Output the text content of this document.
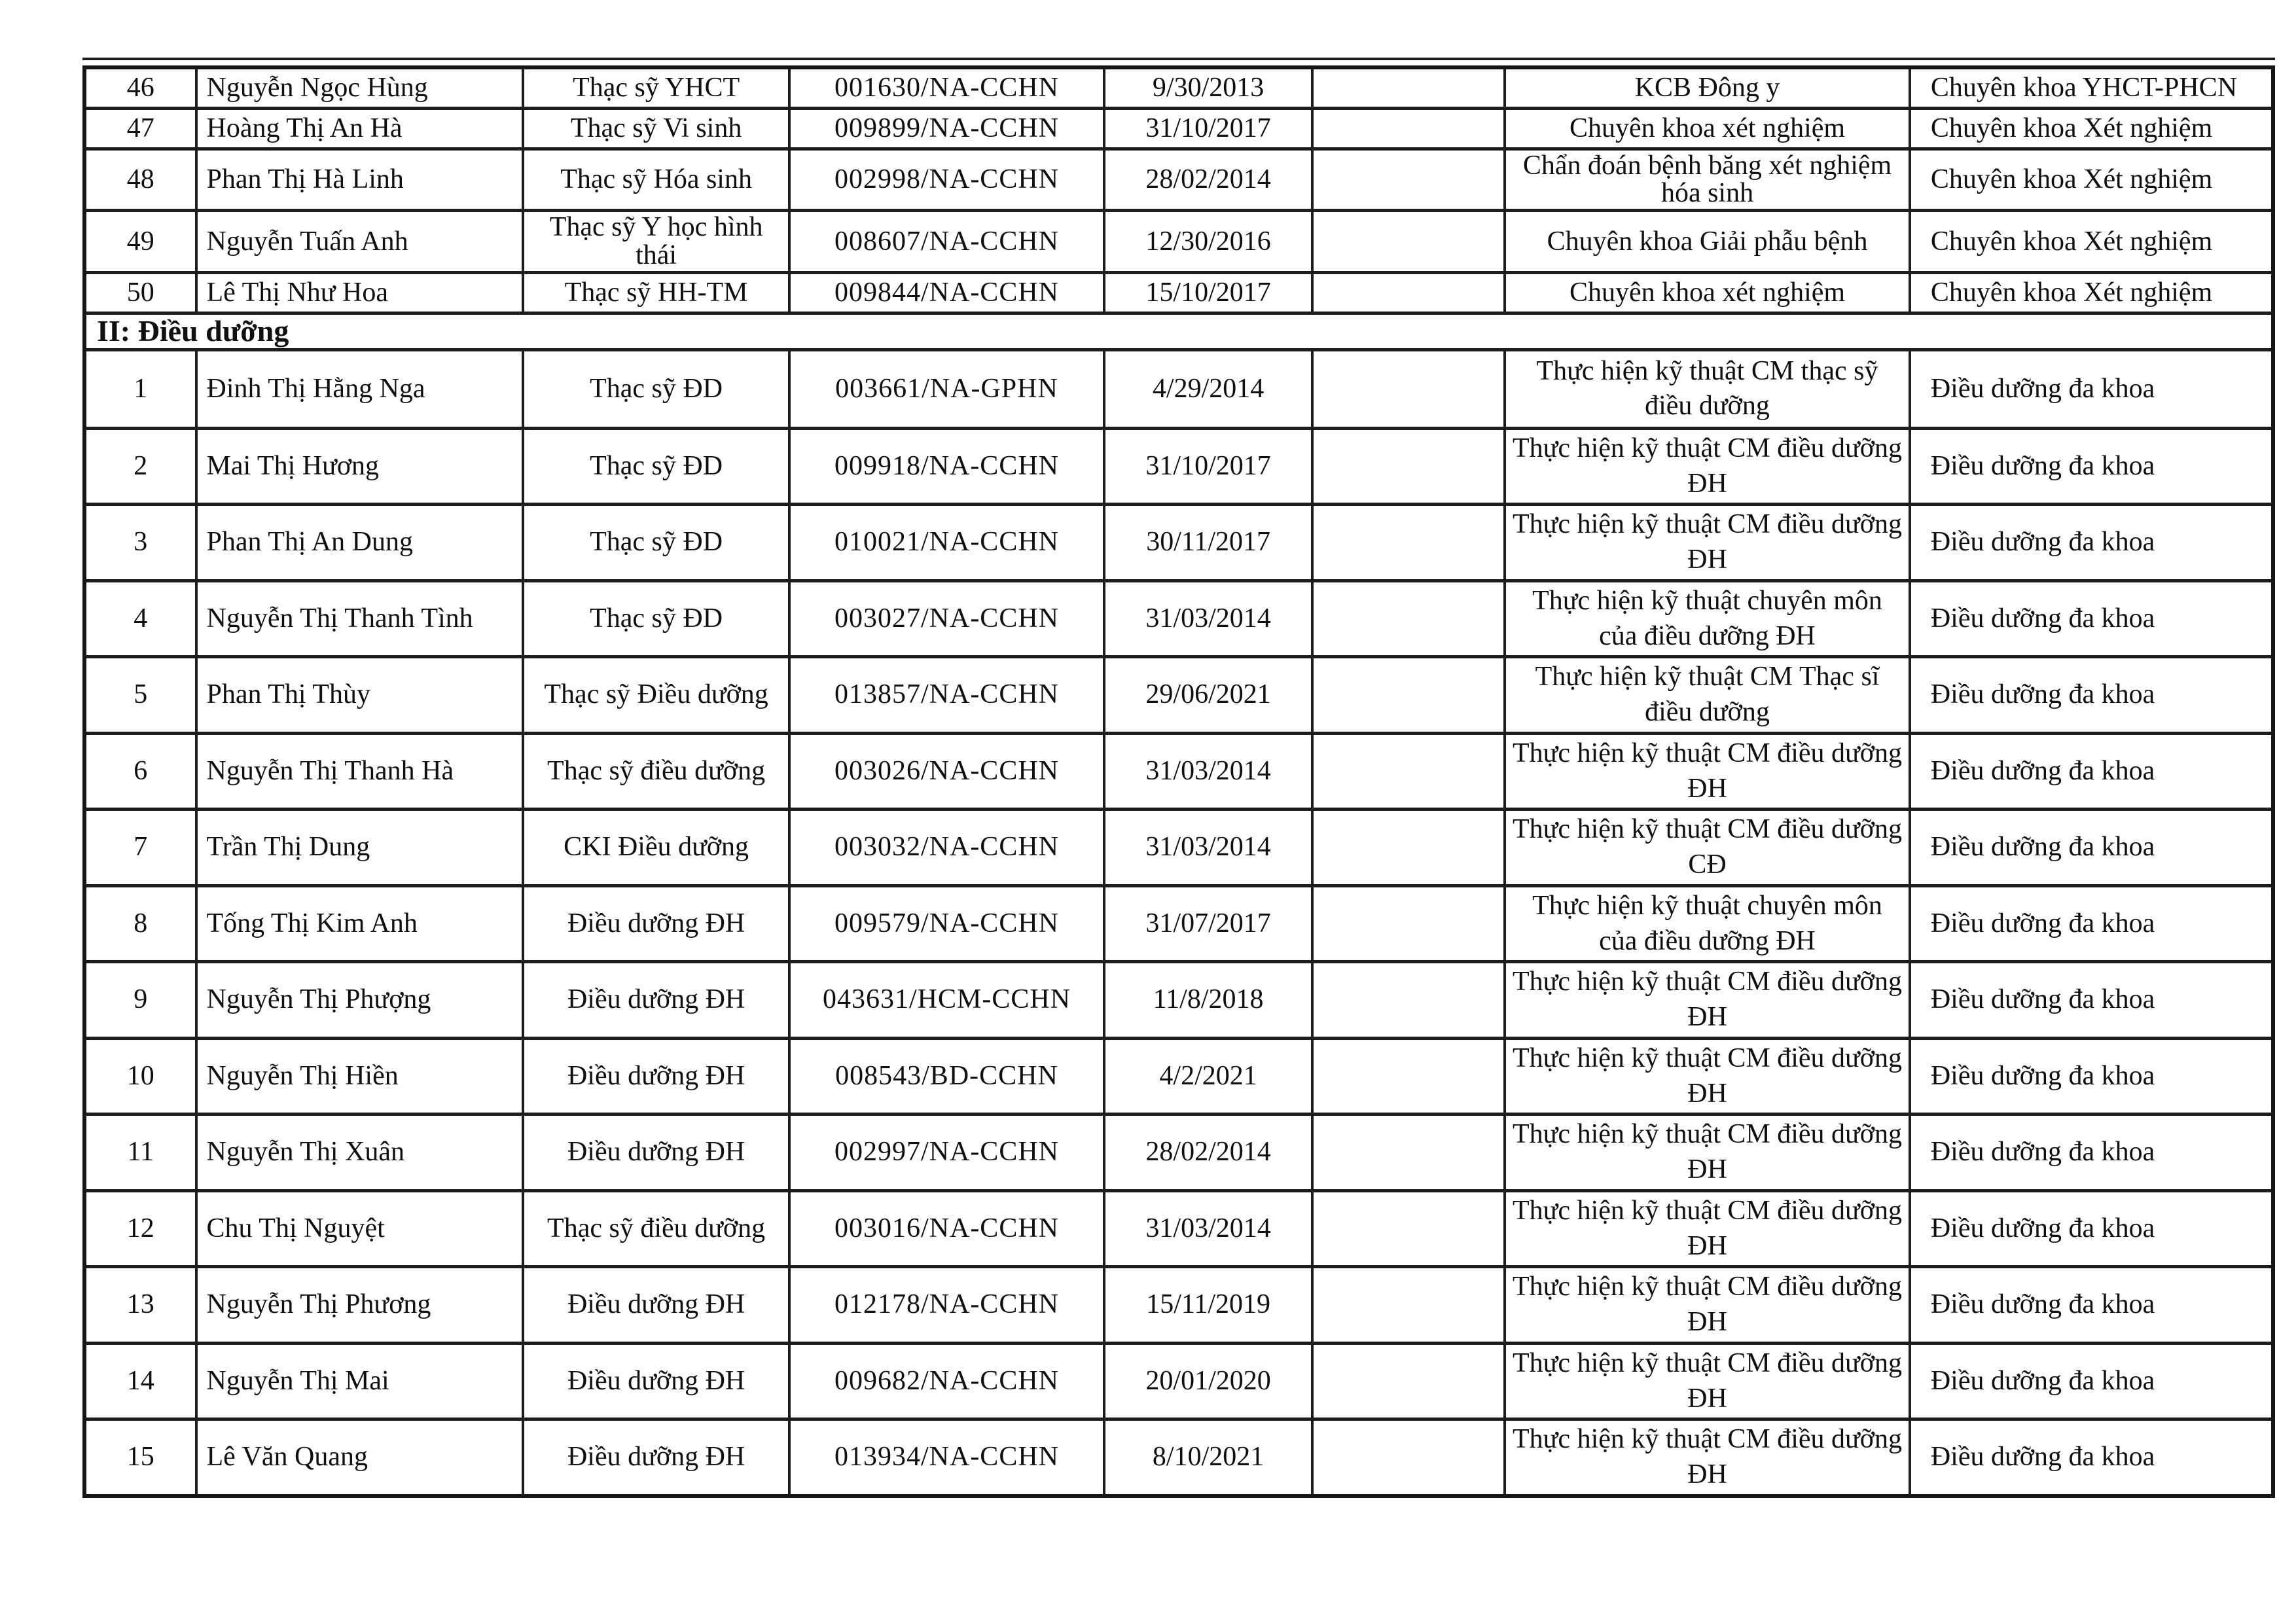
46	Nguyễn Ngọc Hùng	Thạc sỹ YHCT	001630/NA-CCHN	9/30/2013		KCB Đông y	Chuyên khoa YHCT-PHCN
47	Hoàng Thị An Hà	Thạc sỹ Vi sinh	009899/NA-CCHN	31/10/2017		Chuyên khoa xét nghiệm	Chuyên khoa Xét nghiệm
48	Phan Thị Hà Linh	Thạc sỹ Hóa sinh	002998/NA-CCHN	28/02/2014		Chẩn đoán bệnh băng xét nghiệm hóa sinh	Chuyên khoa Xét nghiệm
49	Nguyễn Tuấn Anh	Thạc sỹ Y học hình thái	008607/NA-CCHN	12/30/2016		Chuyên khoa Giải phẫu bệnh	Chuyên khoa Xét nghiệm
50	Lê Thị Như Hoa	Thạc sỹ HH-TM	009844/NA-CCHN	15/10/2017		Chuyên khoa xét nghiệm	Chuyên khoa Xét nghiệm
II: Điều dưỡng							
1	Đinh Thị Hằng Nga	Thạc sỹ ĐD	003661/NA-GPHN	4/29/2014		Thực hiện kỹ thuật CM thạc sỹ điều dưỡng	Điều dưỡng đa khoa
2	Mai Thị Hương	Thạc sỹ ĐD	009918/NA-CCHN	31/10/2017		Thực hiện kỹ thuật CM điều dưỡng ĐH	Điều dưỡng đa khoa
3	Phan Thị An Dung	Thạc sỹ ĐD	010021/NA-CCHN	30/11/2017		Thực hiện kỹ thuật CM điều dưỡng ĐH	Điều dưỡng đa khoa
4	Nguyễn Thị Thanh Tình	Thạc sỹ ĐD	003027/NA-CCHN	31/03/2014		Thực hiện kỹ thuật chuyên môn của điều dưỡng ĐH	Điều dưỡng đa khoa
5	Phan Thị Thùy	Thạc sỹ Điều dưỡng	013857/NA-CCHN	29/06/2021		Thực hiện kỹ thuật CM Thạc sĩ điều dưỡng	Điều dưỡng đa khoa
6	Nguyễn Thị Thanh Hà	Thạc sỹ điều dưỡng	003026/NA-CCHN	31/03/2014		Thực hiện kỹ thuật CM điều dưỡng ĐH	Điều dưỡng đa khoa
7	Trần Thị Dung	CKI Điều dưỡng	003032/NA-CCHN	31/03/2014		Thực hiện kỹ thuật CM điều dưỡng CĐ	Điều dưỡng đa khoa
8	Tống Thị Kim Anh	Điều dưỡng ĐH	009579/NA-CCHN	31/07/2017		Thực hiện kỹ thuật chuyên môn của điều dưỡng ĐH	Điều dưỡng đa khoa
9	Nguyễn Thị Phượng	Điều dưỡng ĐH	043631/HCM-CCHN	11/8/2018		Thực hiện kỹ thuật CM điều dưỡng ĐH	Điều dưỡng đa khoa
10	Nguyễn Thị Hiền	Điều dưỡng ĐH	008543/BD-CCHN	4/2/2021		Thực hiện kỹ thuật CM điều dưỡng ĐH	Điều dưỡng đa khoa
11	Nguyễn Thị Xuân	Điều dưỡng ĐH	002997/NA-CCHN	28/02/2014		Thực hiện kỹ thuật CM điều dưỡng ĐH	Điều dưỡng đa khoa
12	Chu Thị Nguyệt	Thạc sỹ điều dưỡng	003016/NA-CCHN	31/03/2014		Thực hiện kỹ thuật CM điều dưỡng ĐH	Điều dưỡng đa khoa
13	Nguyễn Thị Phương	Điều dưỡng ĐH	012178/NA-CCHN	15/11/2019		Thực hiện kỹ thuật CM điều dưỡng ĐH	Điều dưỡng đa khoa
14	Nguyễn Thị Mai	Điều dưỡng ĐH	009682/NA-CCHN	20/01/2020		Thực hiện kỹ thuật CM điều dưỡng ĐH	Điều dưỡng đa khoa
15	Lê Văn Quang	Điều dưỡng ĐH	013934/NA-CCHN	8/10/2021		Thực hiện kỹ thuật CM điều dưỡng ĐH	Điều dưỡng đa khoa
